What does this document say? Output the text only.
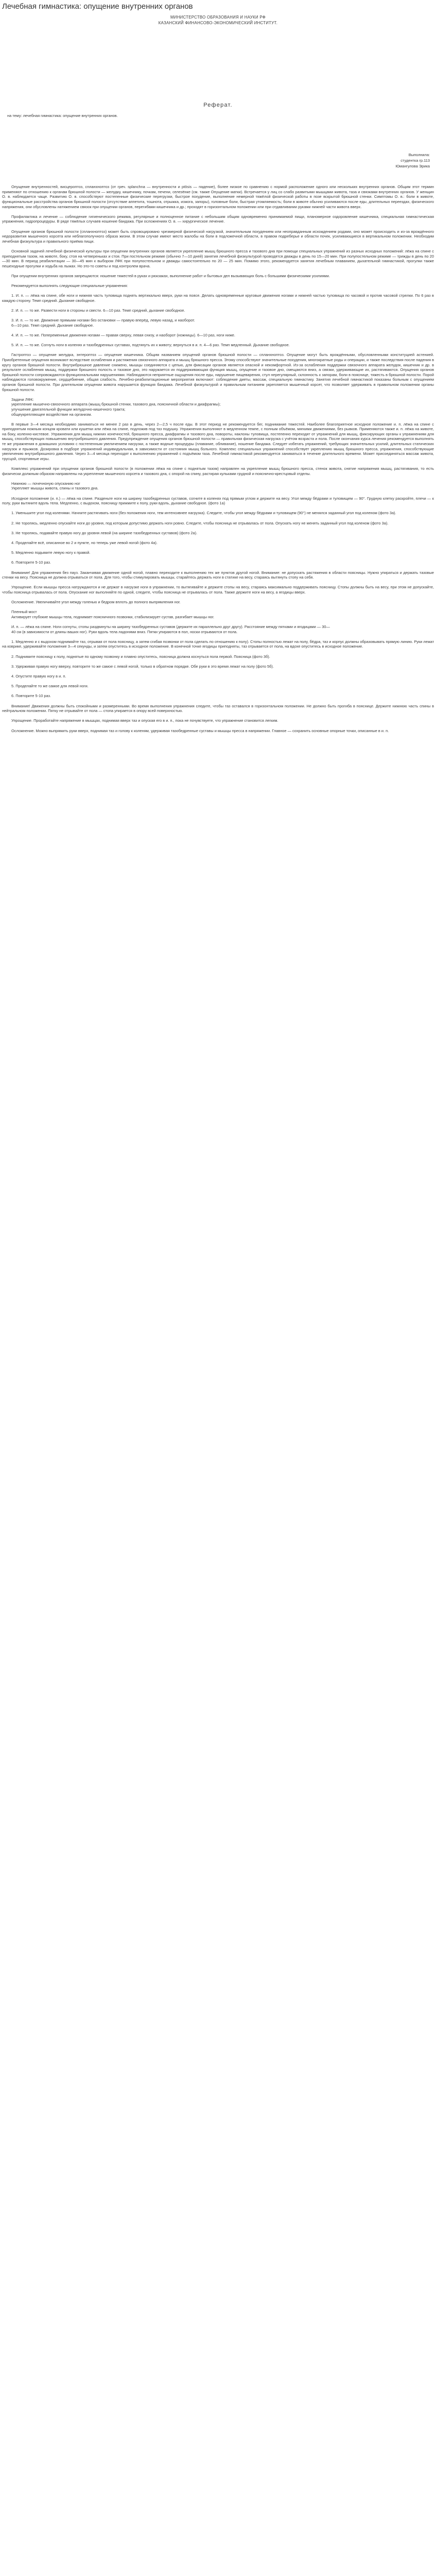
Лечебная гимнастика: опущение внутренних органов
МИНИСТЕРСТВО ОБРАЗОВАНИЯ И НАУКИ РФ
КАЗАНСКИЙ ФИНАНСОВО-ЭКОНОМИЧЕСКИЙ ИНСТИТУТ.
Реферат.
на тему: лечебная гимнастика: опущение внутренних органов.
Выполнила:
студентка гр.113
Юмангулова Эрика

Опущение внутренностей, висцероптоз, спланхноптоз (от греч. splanchna — внутренности и ptōsis — падение), более низкое по сравнению с нормой расположение одного или нескольких внутренних органов. Общим этот термин применяют по отношению к органам брюшной полости — желудку, кишечнику, почкам, печени, селезёнке (см. также Опущение матки). Встречается у лиц со слабо развитыми мышцами живота, таза и связками внутренних органов. У женщин О. в. наблюдается чаще. Развитию О. в. способствуют постепенные физические перегрузки, быстрое похудение, выполнение немерной тяжёлой физической работы в позе вскрытой брюшной стенки. Симптомы О. в.: боли в животе, функциональные расстройства органов брюшной полости (отсутствие аппетита, тошнота, отрыжка, изжога, запоры), головные боли, быстрая утомляемость; боли в животе обычно усиливаются после еды, длительных переездах, физического напряжения, они обусловлены натяжением связок при опущении органов, перегибами кишечника и др.; проходят в горизонтальном положении или при отдавливании руками нижней части живота вверх.

Профилактика и лечение — соблюдение гигиенического режима, регулярные и полноценное питание с небольшим общим одновременно принимаемой пищи, планомерное оздоровление кишечника, специальная гимнастическая упражнения, гидропроцедуры. В ряде тяжёлых случаев ношение бандажа. При осложнениях О. в. — хирургическое лечение.

Опущение органов брюшной полости (спланхноптоз) может быть спровоцировано чрезмерной физической нагрузкой, значительным похудением или неоправданным исхождением родами, оно может происходить и из-за врождённого недоразвития мышечного корсета или неблагополучного образа жизни. В этом случае имеют место жалобы на боли в подложечной области, в правом подреберье и области почек, усиливающиеся в вертикальном положении. Необходим лечебная физкультура и правильного приёма пищи.

Основной задачей лечебной физической культуры при опущении внутренних органов является укрепление мышц брюшного пресса и тазового дна при помощи специальных упражнений из разных исходных положений: лёжа на спине с приподнятым тазом, на животе, боку, стоя на четвереньках и стоя. При постельном режиме (обычно 7—10 дней) занятия лечебной физкультурой проводятся дважды в день по 15—20 мин. При полупостельном режиме — трижды в день по 20—30 мин. В период реабилитации — 30—45 мин к выбором ЛФК при полупостельном и дважды самостоятельно по 20 — 25 мин. Помимо этого, рекомендуется занятия лечебным плаванием, дыхательной гимнастикой, прогулки также пешеходные прогулки и ходьба на лыжах. Но это-то советы и под контролем врача.

При опущении внутренних органов запрещаются: ношение тяжестей в руках и рюкзаках, выполнение работ и бытовых дел вызывающих боль с большими физическими усилиями.

Рекомендуется выполнять следующие специальные упражнения:

1. И. п. — лёжа на спине, обе ноги и нижняя часть туловища поднять вертикально вверх, руки на поясе. Делать одновременные круговые движения ногами и нижней частью туловища по часовой и против часовой стрелки. По 6 раз в каждую сторону. Темп средний. Дыхание свободное.

2. И. п. — то же. Развести ноги в стороны и свести. 6—10 раз. Темп средний, дыхание свободное.

3. И. п. — то же. Движение прямыми ногами без остановки — правую вперёд, левую назад, и наоборот.

6—10 раз. Темп средний. Дыхание свободное.

4. И. п. — то же. Попеременные движения ногами — правая сверху, левая снизу, и наоборот (ножницы). 6—10 раз, ноги ниже.

5. И. п. — то же. Согнуть ноги в коленях и тазобедренных суставах, подтянуть их к животу; вернуться в и. п. 4—6 раз. Темп медленный. Дыхание свободное.

Гастроптоз — опущение желудка, энтероптоз — опущение кишечника. Общим названием опущений органов брюшной полости — спланхноптоз. Опущение могут быть врождёнными, обусловленными конституцией астенией. Приобретенные опущения возникают вследствие ослабления и растяжения связочного аппарата и мышц брюшного пресса. Этому способствуют значительные похудения, многократные роды и операции, и также последствия после падения в кругу органов брюшной полости. Внутрибрюшное давление снижено, мышцы соединяются с цепью, для фиксации органов является опасной и некомфортной. Из-за ослабления поддержки связочного аппарата желудок, кишечник и др. в результате ослабления мышц, поддержки брюшного полость и тазовое дно, это наружается их поддерживающая функция мышц, опущение и тазовое дно, смещаются вниз, а связки, удерживающие их, растягиваются. Опущения органов брюшной полости сопровождаются функциональными нарушениями. Наблюдаются неприятные ощущения после еды, нарушение пищеварения, стул нерегулярный, склонность к запорам, боли в пояснице, тяжесть в брюшной полости. Порой наблюдаются головокружение, сердцебиение, общая слабость. Лечебно-реабилитационные мероприятия включают: соблюдение диеты, массаж, специальную гимнастику. Занятия лечебной гимнастикой показаны больным с опущением органов брюшной полости. При длительном опущении живота нарушается функция бандажа. Лечебной физкультурой и правильным питанием укрепляется мышечный корсет, что позволяет удерживать в правильном положении органы брюшной полости.

Задачи ЛФК:

укрепление мышечно-связочного аппарата (мышц брюшной стенки, тазового дна, поясничной области и диафрагмы);

улучшение двигательной функции желудочно-кишечного тракта;

общеукрепляющее воздействие на организм.

В первые 3—4 месяца необходимо заниматься не менее 2 раз в день, через 2—2,5 ч после еды. В этот период не рекомендуется бег, поднимание тяжестей. Наиболее благоприятное исходное положение и. п. лёжа на спине с приподнятым ножным концом кровати или кушетки или лёжа на спине, подложив под таз подушку. Упражнения выполняют в медленном темпе, с полным объёмом, мягкими движениями, без рывков. Применяются также и. п. лёжа на животе, на боку, коленно-кистевое. Упражнения для мышц нижних конечностей, брюшного пресса, диафрагмы и тазового дна, повороты, наклоны туловища, постепенно переходят от упражнений для мышц, фиксирующих органы к упражнениям для мышц, способствующих повышению внутрибрюшного давления. Предупреждение опущения органов брюшной полости — правильная физическая нагрузка с учётом возраста и пола. После окончания курса лечения рекомендуется выполнять те же упражнения в домашних условиях с постепенным увеличением нагрузки, а также водные процедуры (плавание, обливание), ношение бандажа. Следует избегать упражнений, требующих значительных усилий, длительных статических нагрузок и прыжков. Дозировка в подборе упражнений индивидуальная, в зависимости от состояния мышц больного. Комплекс специальных упражнений способствует укреплению мышц брюшного пресса, упражнения, способствующие увеличению внутрибрюшного давления. Через 3—4 месяца переходят к выполнению упражнений с подъёмом таза. Лечебной гимнастикой рекомендуется заниматься в течение длительного времени. Может присоединяться массаж живота, трусцой, спортивные игры.

Комплекс упражнений при опущении органов брюшной полости (в положении лёжа на спине с поднятым тазом) направлен на укрепление мышц брюшного пресса, стенок живота, снятие напряжения мышц, растягивания, то есть физически должным образом направлены на укрепление мышечного корсета и тазового дна, с опорой на спину, растирая кульками грудной и пояснично-крестцовый отделы.

Нижнюю — почечноную опусканию ног

Укрепляет мышцы живота, спины и тазового дна.

Исходное положение (и. п.) — лёжа на спине. Разденьте ноги на ширину тазобедренных суставов, согните в коленях под прямым углом и держите на весу. Угол между бёдрами и туловищем — 90°. Грудную клетку раскройте, плечи — к полу, руки вытяните вдоль тела. Медленно, с выдохом, поясницу прижмите к полу, руки вдоль, дыхание свободное. (фото 1а)

1. Уменьшите угол под коленями. Начните растягивать ноги (без положения ноги, тем интенсивнее нагрузка). Следите, чтобы угол между бёдрами и туловищем (90°) не менялся заданный угол под коленом (фото 3а).

2. Не торопясь, медленно опускайте ноги до уровня, под которым допустимо держать ноги ровно. Следите, чтобы поясница не отрывалась от пола. Опускать ногу не менять заданный угол под коленом (фото 3а).

3. Не торопясь, подавайте правую ногу до уровня левой (на ширине тазобедренных суставов) (фото 2а).

4. Проделайте всё, описанное во 2 и пункте, но теперь уже левой ногой (фото 4а).

5. Медленно подымите левую ногу к правой.

6. Повторите 5-10 раз.

Внимание! Для упражнения без пауз. Заканчивая движение одной ногой, плавно переходите к выполнению тех же пунктов другой ногой. Внимание: не допускать растяжения в области поясницы. Нужно упираться и держать тазовые стенки на весу. Поясница не должна отрываться от пола. Для того, чтобы стимулировать мышцы, старайтесь держать ноги в статике на весу, стараясь вытянуть стопу на себя.

Упрощение. Если мышцы пресса натруждаются и не держат в нагрузке ноги в упражнении, то вытягивайте и держите стопы на весу, стараясь максимально поддерживать поясницу. Стопы должны быть на весу, при этом не допускайте, чтобы поясница отрывалась от пола. Опускание ног выполняйте по одной, следите, чтобы поясница не отрывалась от пола. Также держите ноги на весу, а ягодицы вверх.

Осложнение. Увеличивайте угол между голенью и бедром вплоть до полного выпрямления ног.

Пленный мост

Активирует глубокие мышцы тела, поднимает поясничного позвонки, стабилизирует сустав, разгибает мышцы ног.

И. п. — лёжа на спине. Ноги согнуты, стопы раздвинуты на ширину тазобедренных суставов (держите их параллельно друг другу). Расстояние между пятками и ягодицами — 30—

40 см (в зависимости от длины ваших ног). Руки вдоль тела ладонями вниз. Пятки упираются в пол, носки отрываются от пола.

1. Медленно и с выдохом поднимайте таз, отрывая от пола поясницу, а затем сгибая позвонки от пола сделать по отношению к полу). Стопы полностью лежат на полу, бёдра, таз и корпус должны образовывать прямую линию. Руки лежат на коврике, удерживайте положение 3—4 секунды, и затем опуститесь в исходное положение. В конечной точке ягодицы приподняты, таз отрывается от пола, на вдохе опуститесь в исходное положение.

2. Поднимите поясницу к полу, поднятые по одному позвонку и плавно опуститесь, поясница должна коснуться пола первой. Поясница (фото 3б).

3. Удерживая правую ногу вверху, повторите то же самое с левой ногой, только в обратном порядке. Обе руки в это время лежат на полу (фото 5б).

4. Опустите правую ногу в и. п.

5. Проделайте то же самое для левой ноги.

6. Повторите 5-10 раз.

Внимание! Движения должны быть спокойными и размеренными. Во время выполнения упражнения следите, чтобы таз оставался в горизонтальном положении. Не должно быть прогиба в пояснице. Держите нижнюю часть спины в нейтральном положении. Пятку не отрывайте от пола — стопа упирается в опору всей поверхностью.

Упрощение. Проработайте напряжение в мышцах, поднимая вверх таз и опуская его в и. п., пока не почувствуете, что упражнение становится легким.

Осложнение. Можно выпрямить руки вверх, поднимая таз и голову к коленям, удерживая тазобедренные суставы и мышцы пресса в напряжении. Главное — сохранить основные опорные точки, описанные в и. п.
